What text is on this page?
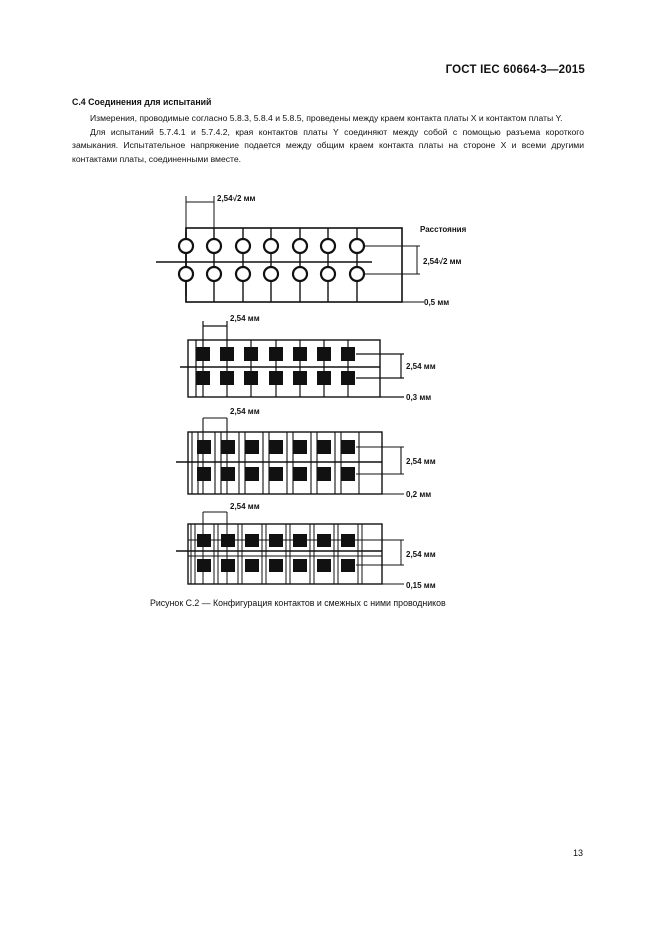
ГОСТ IEC 60664-3—2015

C.4 Соединения для испытаний

Измерения, проводимые согласно 5.8.3, 5.8.4 и 5.8.5, проведены между краем контакта платы X и контактом платы Y.

Для испытаний 5.7.4.1 и 5.7.4.2, края контактов платы Y соединяют между собой с помощью разъема короткого замыкания. Испытательное напряжение подается между общим краем контакта платы на стороне X и всеми другими контактами платы, соединенными вместе.

2,54√2 мм
Расстояния
2,54√2 мм
0,5 мм
2,54 мм
2,54 мм
0,3 мм
2,54 мм
2,54 мм
0,2 мм
2,54 мм
2,54 мм
0,15 мм
Рисунок С.2 — Конфигурация контактов и смежных с ними проводников
13
